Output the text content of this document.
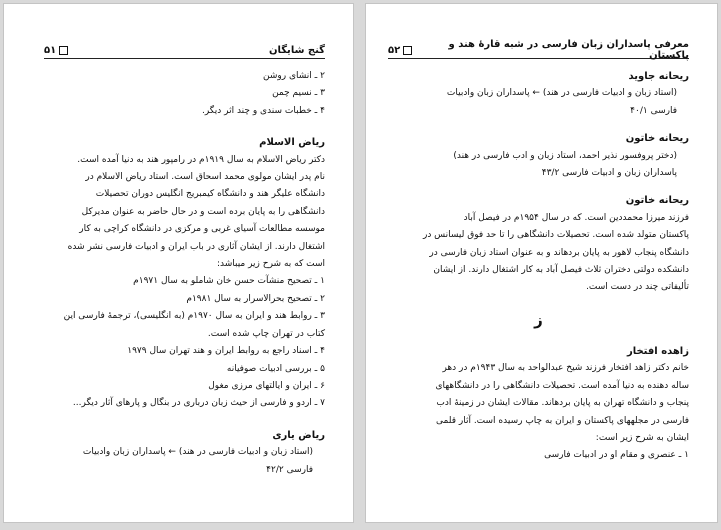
۵۱	گنج شایگان
۲ ـ انشای روشن
۳ ـ نسیم چمن
۴ ـ خطبات سندی و چند اثر دیگر.
ریاض الاسلام
دکتر ریاض الاسلام به سال ۱۹۱۹م در رامپور هند به دنیا آمده است.
نام پدر ایشان مولوی محمد اسحاق است. استاد ریاض الاسلام در
دانشگاه علیگر هند و دانشگاه کیمبریج انگلیس دوران تحصیلات
دانشگاهی را به پایان برده است و در حال حاضر به عنوان مدیرکل
موسسه مطالعات آسیای غربی و مرکزی در دانشگاه کراچی به کار
اشتغال دارند. از ایشان آثاری در باب ایران و ادبیات فارسی نشر شده
است که به شرح زیر میباشد:
۱ ـ تصحیح منشآت حسن خان شاملو به سال ۱۹۷۱م
۲ ـ تصحیح بحرالاسرار به سال ۱۹۸۱م
۳ ـ روابط هند و ایران به سال ۱۹۷۰م (به انگلیسی)، ترجمهٔ فارسی این
کتاب در تهران چاپ شده است.
۴ ـ اسناد راجع به روابط ایران و هند تهران سال ۱۹۷۹
۵ ـ بررسی ادبیات صوفیانه
۶ ـ ایران و ایالتهای مرزی مغول
۷ ـ اردو و فارسی از حیث زبان درباری در بنگال و پارهای آثار دیگر...
ریاض یاری
(استاد زبان و ادبیات فارسی در هند) ← پاسداران زبان وادبیات
فارسی ۴۲/۲
۵۲	معرفی پاسداران زبان فارسی در شبه قارهٔ هند و پاکستان
ریحانه جاوید
(استاد زبان و ادبیات فارسی در هند) ← پاسداران زبان وادبیات
فارسی ۴۰/۱
ریحانه خاتون
(دختر پروفسور نذیر احمد، استاد زبان و ادب فارسی در هند)
پاسداران زبان و ادبیات فارسی ۴۳/۲
ریحانه خاتون
فرزند میرزا محمددین است. که در سال ۱۹۵۴م در فیصل آباد
پاکستان متولد شده است. تحصیلات دانشگاهی را تا حد فوق لیسانس در
دانشگاه پنجاب لاهور به پایان بردهاند و به عنوان استاد زبان فارسی در
دانشکده دولتی دختران ثلاث فیصل آباد به کار اشتغال دارند. از ایشان
تألیفاتی چند در دست است.
ز
زاهده افتخار
خانم دکتر زاهد افتخار فرزند شیخ عبدالواحد به سال ۱۹۴۳م در دهر
ساله دهنده به دنیا آمده است. تحصیلات دانشگاهی را در دانشگاههای
پنجاب و دانشگاه تهران به پایان بردهاند. مقالات ایشان در زمینهٔ ادب
فارسی در مجلههای پاکستان و ایران به چاپ رسیده است. آثار قلمی
ایشان به شرح زیر است:
۱ ـ عنصری و مقام او در ادبیات فارسی
